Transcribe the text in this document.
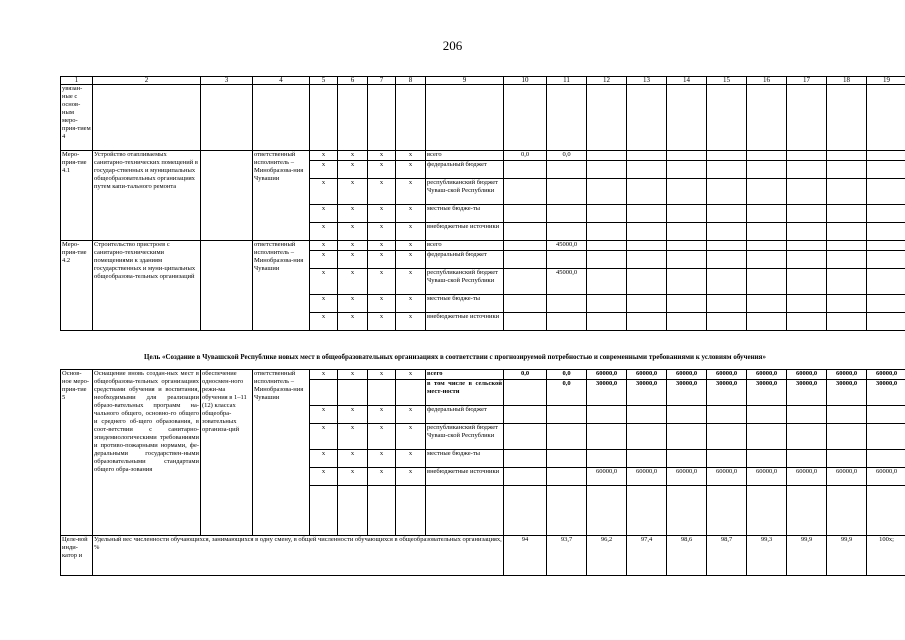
206
1	2	3	4	5	6	7	8	9	10	11	12	13	14	15	16	17	18	19
увязан-ные с основ-ным меро-прия-тием 4																		
Меро-прия-тие 4.1	Устройство отапливаемых санитарно-технических помещений в государ-ственных и муниципальных общеобразовательных организациях путем капи-тального ремонта		ответственный исполнитель – Минобразова-ния Чувашии	х	х	х	х	всего	0,0	0,0								
				х	х	х	х	федеральный бюджет										
				х	х	х	х	республиканский бюджет Чуваш-ской Республики										
				х	х	х	х	местные бюдже-ты										
				х	х	х	х	внебюджетные источники										
Меро-прия-тие 4.2	Строительство пристроев с санитарно-техническими помещениями к зданиям государственных и муни-ципальных общеобразова-тельных организаций		ответственный исполнитель – Минобразова-ния Чувашии	х	х	х	х	всего		45000,0								
				х	х	х	х	федеральный бюджет										
				х	х	х	х	республиканский бюджет Чуваш-ской Республики		45000,0								
				х	х	х	х	местные бюдже-ты										
				х	х	х	х	внебюджетные источники										
Цель «Создание в Чувашской Республике новых мест в общеобразовательных организациях в соответствии с прогнозируемой потребностью и современными требованиями к условиям обучения»
Основ-ное меро-прия-тие 5	Оснащение вновь создан-ных мест в общеобразова-тельных организациях средствами обучения и воспитания, необходимыми для реализации образо-вательных программ на-чального общего, основно-го общего и среднего об-щего образования, в соот-ветствии с санитарно-эпидемиологическими требованиями и противо-пожарными нормами, фе-деральными государствен-ными образовательными стандартами общего обра-зования	обеспечение односмен-ного режи-ма обучения в 1–11 (12) классах общеобра-зовательных организа-ций	ответственный исполнитель – Минобразова-ния Чувашии	х	х	х	х	всего	0,0	0,0	60000,0	60000,0	60000,0	60000,0	60000,0	60000,0	60000,0	60000,0
								в том числе в сельской мест-ности		0,0	30000,0	30000,0	30000,0	30000,0	30000,0	30000,0	30000,0	30000,0
				х	х	х	х	федеральный бюджет										
				х	х	х	х	республиканский бюджет Чуваш-ской Республики										
				х	х	х	х	местные бюдже-ты										
				х	х	х	х	внебюджетные источники			60000,0	60000,0	60000,0	60000,0	60000,0	60000,0	60000,0	60000,0

Целе-вой инди-катор и	Удельный вес численности обучающихся, занимающихся в одну смену, в общей численности обучающихся в общеобразовательных организациях, %								94	93,7	96,2	97,4	98,6	98,7	99,3	99,9	99,9	100х;
